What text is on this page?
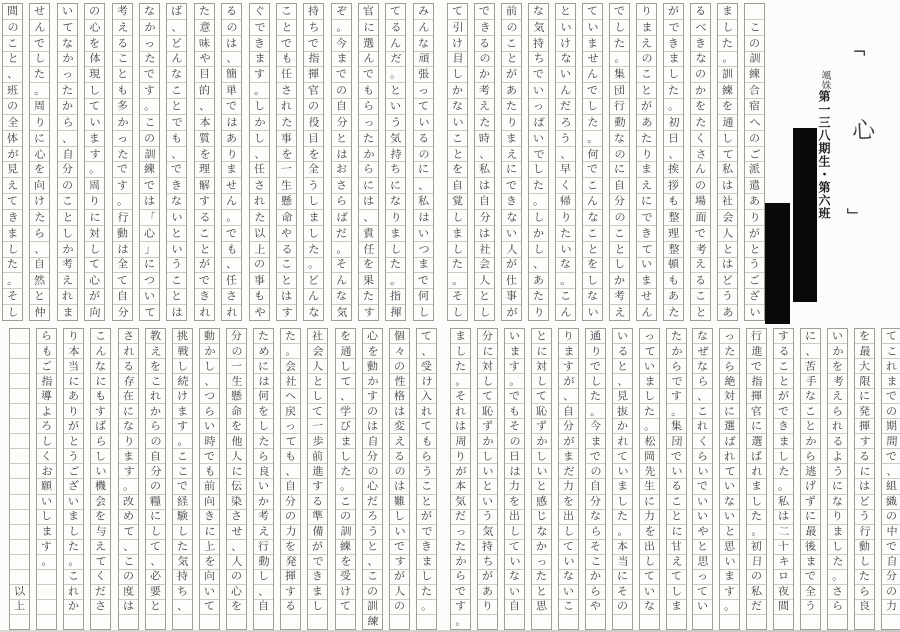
み
ん
な
頑
張
っ
て
い
る
の
に
、
私
は
い
つ
ま
で
何
し
て
る
ん
だ
。
と
い
う
気
持
ち
に
な
り
ま
し
た
。
指
揮
官
に
選
ん
で
も
ら
っ
た
か
ら
に
は
、
責
任
を
果
た
す
ぞ
。
今
ま
で
の
自
分
と
は
お
さ
ら
ば
だ
。
そ
ん
な
気
持
ち
で
指
揮
官
の
役
目
を
全
う
し
ま
し
た
。
ど
ん
な
こ
と
で
も
任
さ
れ
た
事
を
一
生
懸
命
や
る
こ
と
は
す
ぐ
で
き
ま
す
。
し
か
し
、
任
さ
れ
た
以
上
の
事
も
や
る
の
は
、
簡
単
で
は
あ
り
ま
せ
ん
。
で
も
、
任
さ
れ
た
意
味
や
目
的
、
本
質
を
理
解
す
る
こ
と
が
で
き
れ
ば
、
ど
ん
な
こ
と
で
も
、
で
き
な
い
と
い
う
こ
と
は
な
か
っ
た
で
す
。
こ
の
訓
練
で
は
「
心
」
に
つ
い
て
考
え
る
こ
と
も
多
か
っ
た
で
す
。
行
動
は
全
て
自
分
の
心
を
体
現
し
て
い
ま
す
。
周
り
に
対
し
て
心
が
向
い
て
な
か
っ
た
か
ら
、
自
分
の
こ
と
し
か
考
え
れ
ま
せ
ん
で
し
た
。
周
り
に
心
を
向
け
た
ら
、
自
然
と
仲
間
の
こ
と
、
班
の
全
体
が
見
え
て
き
ま
し
た
。
そ
し
こ
の
訓
練
合
宿
へ
の
ご
派
遣
あ
り
が
と
う
ご
ざ
い
ま
し
た
。
訓
練
を
通
し
て
私
は
社
会
人
と
は
ど
う
あ
る
べ
き
な
の
か
を
た
く
さ
ん
の
場
面
で
考
え
る
こ
と
が
で
き
ま
し
た
。
初
日
、
挨
拶
も
整
理
整
頓
も
あ
た
り
ま
え
の
こ
と
が
あ
た
り
ま
え
に
で
き
て
い
ま
せ
ん
で
し
た
。
集
団
行
動
な
の
に
自
分
の
こ
と
し
か
考
え
て
い
ま
せ
ん
で
し
た
。
何
で
こ
ん
な
こ
と
を
し
な
い
と
い
け
な
い
ん
だ
ろ
う
、
早
く
帰
り
た
い
な
。
こ
ん
な
気
持
ち
で
い
っ
ぱ
い
で
し
た
。
し
か
し
、
あ
た
り
前
の
こ
と
が
あ
た
り
ま
え
に
で
き
な
い
人
が
仕
事
が
で
き
る
の
か
考
え
た
時
、
私
は
自
分
は
社
会
人
と
し
て
引
け
目
し
か
な
い
こ
と
を
自
覚
し
ま
し
た
。
そ
し
て
、
受
け
入
れ
て
も
ら
う
こ
と
が
で
き
ま
し
た
。
個
々
の
性
格
は
変
え
る
の
は
難
し
い
で
す
が
人
の
心
を
動
か
す
の
は
自
分
の
心
だ
ろ
う
と
、
こ
の
訓
練
を
通
し
て
、
学
び
ま
し
た
。
こ
の
訓
練
を
受
け
て
社
会
人
と
し
て
一
歩
前
進
す
る
準
備
が
で
き
ま
し
た
。
会
社
へ
戻
っ
て
も
、
自
分
の
力
を
発
揮
す
る
た
め
に
は
何
を
し
た
ら
良
い
か
考
え
行
動
し
、
自
分
の
一
生
懸
命
を
他
人
に
伝
染
さ
せ
、
人
の
心
を
動
か
し
、
つ
ら
い
時
で
も
前
向
き
に
上
を
向
い
て
挑
戦
し
続
け
ま
す
。
こ
こ
で
経
験
し
た
気
持
ち
、
教
え
を
こ
れ
か
ら
の
自
分
の
糧
に
し
て
、
必
要
と
さ
れ
る
存
在
に
な
り
ま
す
。
改
め
て
、
こ
の
度
は
こ
ん
な
に
も
す
ば
ら
し
い
機
会
を
与
え
て
く
だ
さ
り
本
当
に
あ
り
が
と
う
ご
ざ
い
ま
し
た
。
こ
れ
か
ら
も
ご
指
導
よ
ろ
し
く
お
願
い
し
ま
す
。
以
上
て
こ
れ
ま
で
の
期
間
で
、
組
織
の
中
で
自
分
の
力
を
最
大
限
に
発
揮
す
る
に
は
ど
う
行
動
し
た
ら
良
い
か
を
考
え
ら
れ
る
よ
う
に
な
り
ま
し
た
。
さ
ら
に
、
苦
手
な
こ
と
か
ら
逃
げ
ず
に
最
後
ま
で
全
う
す
る
こ
と
が
で
き
ま
し
た
。
私
は
二
十
キ
ロ
夜
間
行
進
で
指
揮
官
に
選
ば
れ
ま
し
た
。
初
日
の
私
だ
っ
た
ら
絶
対
に
選
ば
れ
て
い
な
い
と
思
い
ま
す
。
な
ぜ
な
ら
、
こ
れ
く
ら
い
で
い
い
や
と
思
っ
て
い
た
か
ら
で
す
。
集
団
で
い
る
こ
と
に
甘
え
て
し
ま
っ
て
い
ま
し
た
。
松
岡
先
生
に
力
を
出
し
て
い
な
い
る
と
、
見
抜
か
れ
て
い
ま
し
た
。
本
当
に
そ
の
通
り
で
し
た
。
今
ま
で
の
自
分
な
ら
そ
こ
か
ら
や
り
ま
す
が
、
自
分
が
ま
だ
力
を
出
し
て
い
な
い
こ
と
に
対
し
て
恥
ず
か
し
い
と
感
じ
な
か
っ
た
と
思
い
ま
す
。
で
も
そ
の
日
は
力
を
出
し
て
い
な
い
自
分
に
対
し
て
恥
ず
か
し
い
と
い
う
気
持
ち
が
あ
り
ま
し
た
。
そ
れ
は
周
り
が
本
気
だ
っ
た
か
ら
で
す
。
「
心
」
颯姝第一三八期生・第六班
